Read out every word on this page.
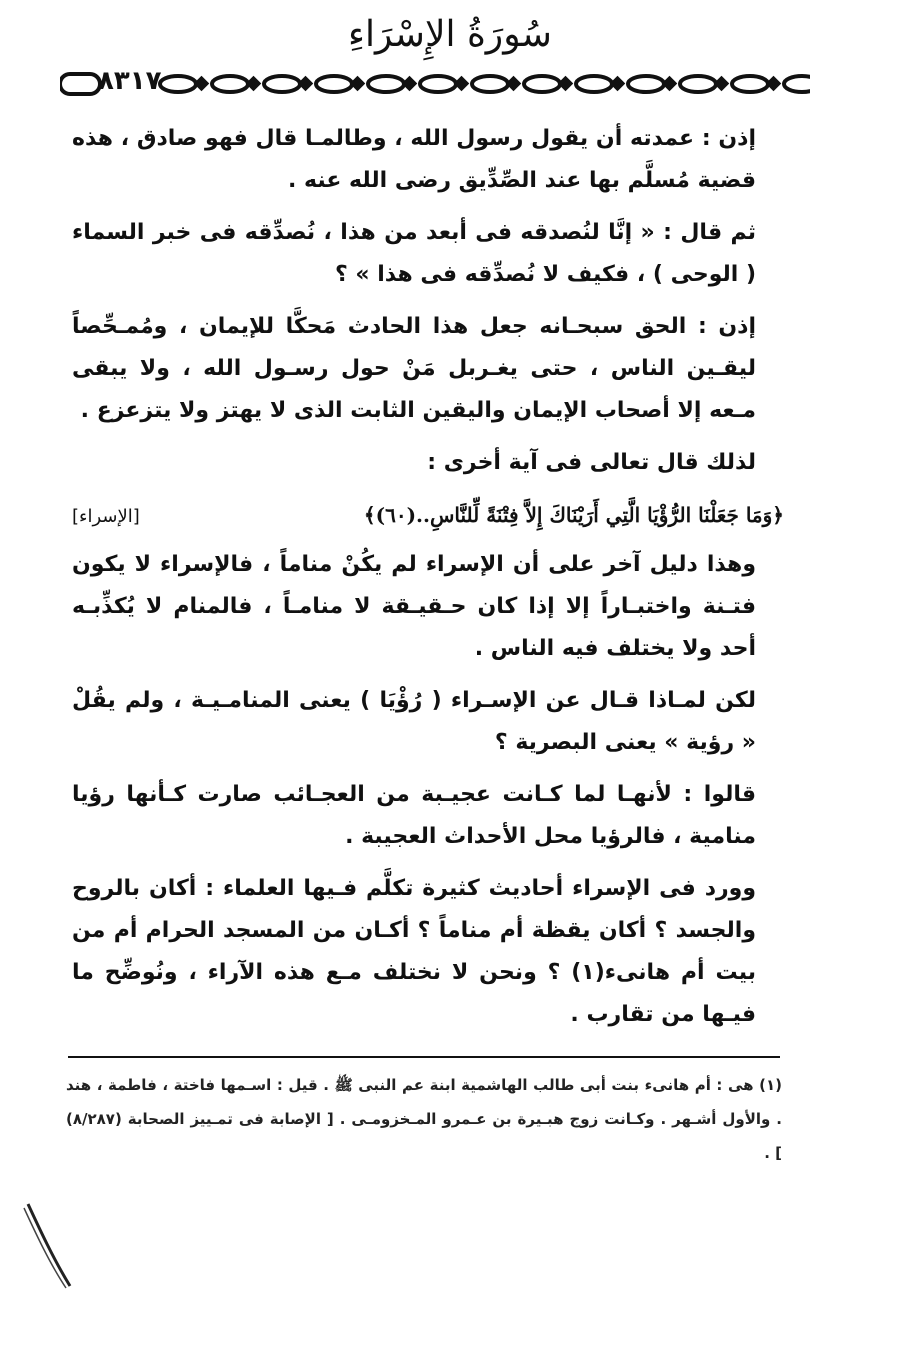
سُورَةُ الإِسْرَاءِ
٨٣١٧

إذن : عمدته أن يقول رسول الله ، وطالمـا قال فهو صادق ، هذه قضية مُسلَّم بها عند الصِّدِّيق رضى الله عنه .

ثم قال : « إنَّا لنُصدقه فى أبعد من هذا ، نُصدِّقه فى خبر السماء ( الوحى ) ، فكيف لا نُصدِّقه فى هذا » ؟

إذن : الحق سبحـانه جعل هذا الحادث مَحكَّا للإيمان ، ومُمـحِّصاً ليقـين الناس ، حتى يغـربل مَنْ حول رسـول الله ، ولا يبقى مـعه إلا أصحاب الإيمان واليقين الثابت الذى لا يهتز ولا يتزعزع .

لذلك قال تعالى فى آية أخرى :

﴿وَمَا جَعَلْنَا الرُّؤْيَا الَّتِي أَرَيْنَاكَ إِلاَّ فِتْنَةً لِّلنَّاسِ..(٦٠)﴾
[الإسراء]

وهذا دليل آخر على أن الإسراء لم يكُنْ مناماً ، فالإسراء لا يكون فتـنة واختبـاراً إلا إذا كان حـقيـقة لا منامـاً ، فالمنام لا يُكذِّبـه أحد ولا يختلف فيه الناس .

لكن لمـاذا قـال عن الإسـراء ( رُؤْيَا ) يعنى المنامـيـة ، ولم يقُلْ « رؤية » يعنى البصرية ؟

قالوا : لأنهـا لما كـانت عجيـبة من العجـائب صارت كـأنها رؤيا منامية ، فالرؤيا محل الأحداث العجيبة .

وورد فى الإسراء أحاديث كثيرة تكلَّم فـيها العلماء : أكان بالروح والجسد ؟ أكان يقظة أم مناماً ؟ أكـان من المسجد الحرام أم من بيت أم هانىء(١) ؟ ونحن لا نختلف مـع هذه الآراء ، ونُوضِّح ما فيـها من تقارب .

(١) هى : أم هانىء بنت أبى طالب الهاشمية ابنة عم النبى ﷺ . قيل : اسـمها فاختة ، فاطمة ، هند . والأول أشـهر . وكـانت زوج هبـيرة بن عـمرو المـخزومـى . [ الإصابة فى تمـييز الصحابة (٨/٢٨٧) ] .
